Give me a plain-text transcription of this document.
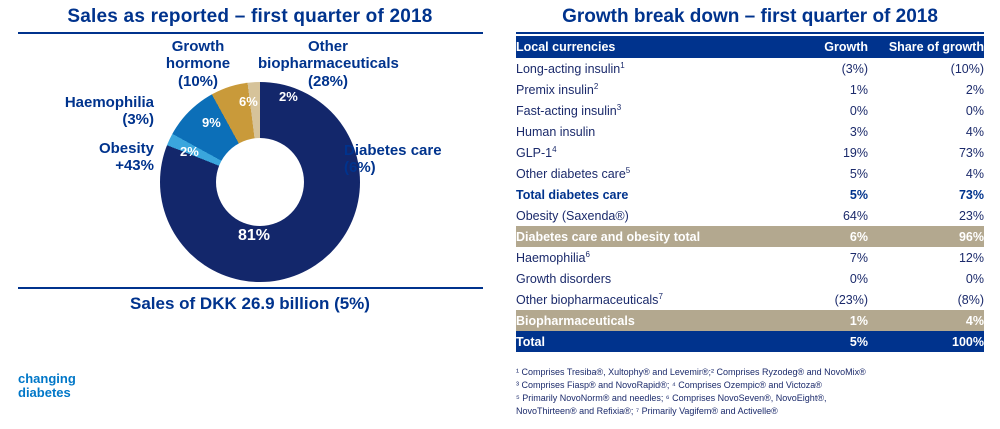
Sales as reported – first quarter of 2018
81%
2%
9%
6% 2%
Growth
hormone
(10%)
Other
biopharmaceuticals
(28%)
Haemophilia
(3%)
Obesity
+43%
Diabetes care
(6%)
Sales of DKK 26.9 billion (5%)
changing
diabetes
Growth break down – first quarter of 2018
Local currencies	Growth	Share of growth
Long-acting insulin$^1$	(3%)	(10%)
Premix insulin$^2$	1%	2%
Fast-acting insulin$^3$	0%	0%
Human insulin	3%	4%
GLP-$1^4$	19%	73%
Other diabetes care$^5$	5%	4%
Total diabetes care	5%	73%
Obesity (Saxenda®)	64%	23%
Diabetes care and obesity total	6%	96%
Haemophilia$^6$	7%	12%
Growth disorders	0%	0%
Other biopharmaceuticals$^7$	(23%)	(8%)
Biopharmaceuticals	1%	4%
Total	5%	100%
¹ Comprises Tresiba®, Xultophy® and Levemir®;² Comprises Ryzodeg® and NovoMix®
³ Comprises Fiasp® and NovoRapid®; ⁴ Comprises Ozempic® and Victoza®
⁵ Primarily NovoNorm® and needles; ⁶ Comprises NovoSeven®, NovoEight®,
NovoThirteen® and Refixia®; ⁷ Primarily Vagifem® and Activelle®
